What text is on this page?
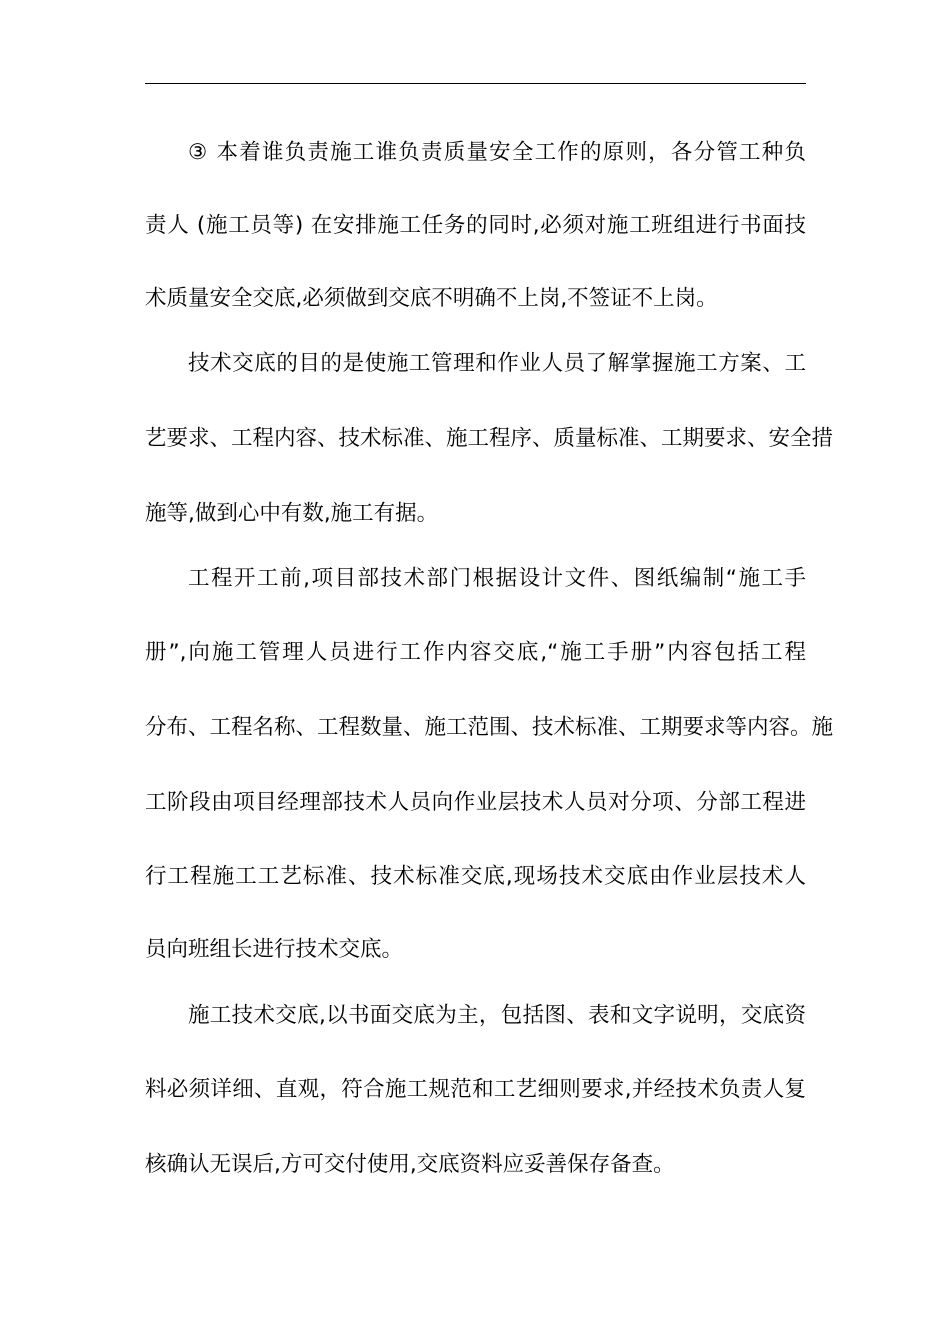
③ 本着谁负责施工谁负责质量安全工作的原则，各分管工种负

责人 (施工员等) 在安排施工任务的同时,必须对施工班组进行书面技

术质量安全交底,必须做到交底不明确不上岗,不签证不上岗。

技术交底的目的是使施工管理和作业人员了解掌握施工方案、工

艺要求、工程内容、技术标准、施工程序、质量标准、工期要求、安全措

施等,做到心中有数,施工有据。

工程开工前,项目部技术部门根据设计文件、图纸编制“施工手

册”,向施工管理人员进行工作内容交底,“施工手册”内容包括工程

分布、工程名称、工程数量、施工范围、技术标准、工期要求等内容。施

工阶段由项目经理部技术人员向作业层技术人员对分项、分部工程进

行工程施工工艺标准、技术标准交底,现场技术交底由作业层技术人

员向班组长进行技术交底。

施工技术交底,以书面交底为主，包括图、表和文字说明，交底资

料必须详细、直观，符合施工规范和工艺细则要求,并经技术负责人复

核确认无误后,方可交付使用,交底资料应妥善保存备查。
